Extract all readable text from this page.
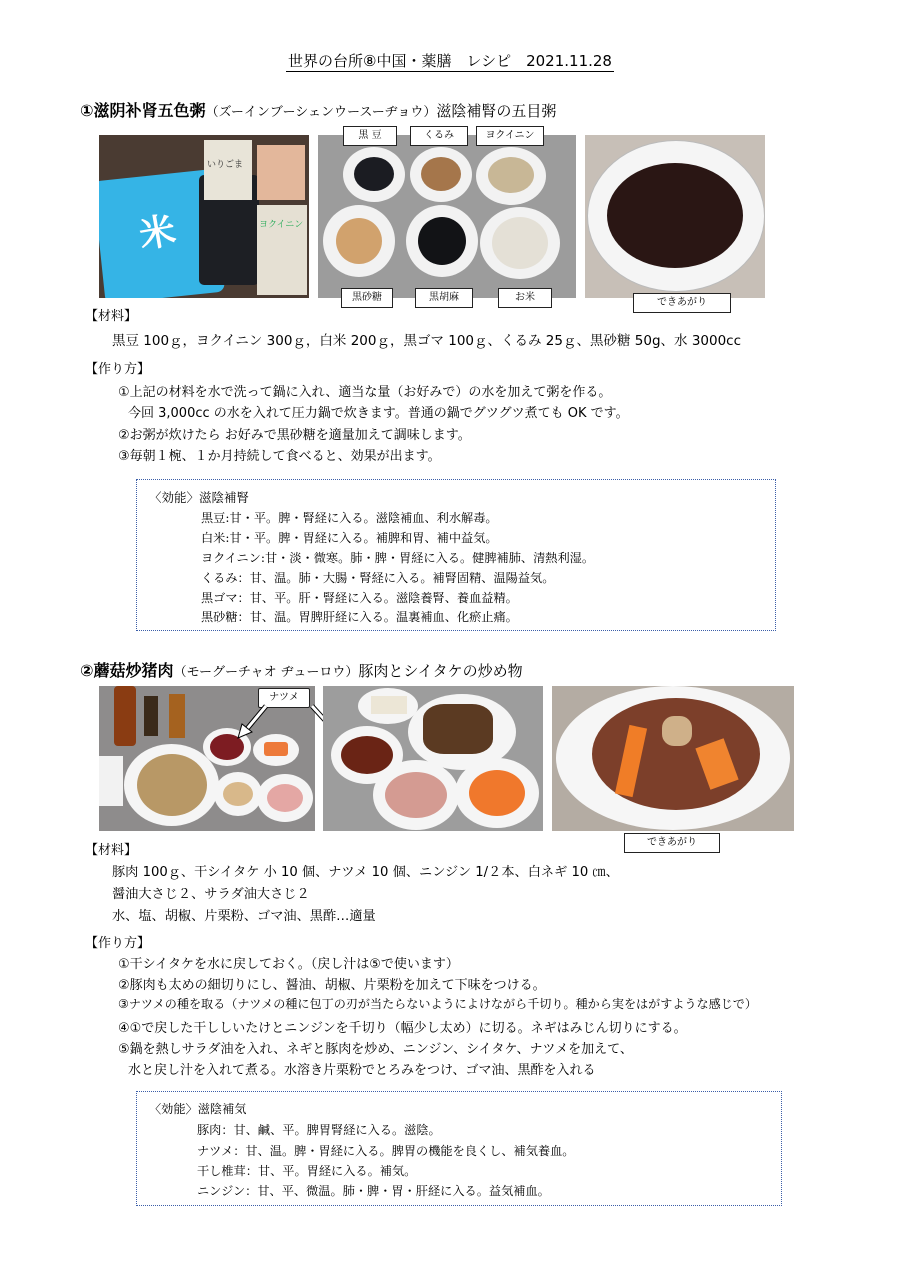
世界の台所⑧中国・薬膳　レシピ　2021.11.28
①滋阴补肾五色粥（ズーインブーシェンウースーヂョウ）滋陰補腎の五目粥
米
いりごま
ヨクイニン
黒 豆	くるみ	ヨクイニン
黒砂糖	黒胡麻	お米	できあがり
【材料】
黒豆 100ｇ，ヨクイニン 300ｇ，白米 200ｇ，黒ゴマ 100ｇ、くるみ 25ｇ、黒砂糖 50g、水 3000cc
【作り方】
①上記の材料を水で洗って鍋に入れ、適当な量（お好みで）の水を加えて粥を作る。
今回 3,000cc の水を入れて圧力鍋で炊きます。普通の鍋でグツグツ煮ても OK です。
②お粥が炊けたら お好みで黒砂糖を適量加えて調味します。
③毎朝１椀、１か月持続して食べると、効果が出ます。
〈効能〉滋陰補腎
黒豆:甘・平。脾・腎経に入る。滋陰補血、利水解毒。
白米:甘・平。脾・胃経に入る。補脾和胃、補中益気。
ヨクイニン:甘・淡・微寒。肺・脾・胃経に入る。健脾補肺、清熱利湿。
くるみ：甘、温。肺・大腸・腎経に入る。補腎固精、温陽益気。
黒ゴマ：甘、平。肝・腎経に入る。滋陰養腎、養血益精。
黒砂糖：甘、温。胃脾肝経に入る。温裏補血、化瘀止痛。
②蘑菇炒猪肉（モーグーチャオ ヂューロウ）豚肉とシイタケの炒め物
ナツメ
できあがり
【材料】
豚肉 100ｇ、干シイタケ 小 10 個、ナツメ 10 個、ニンジン 1/２本、白ネギ 10 ㎝、
醤油大さじ２、サラダ油大さじ２
水、塩、胡椒、片栗粉、ゴマ油、黒酢…適量
【作り方】
①干シイタケを水に戻しておく。（戻し汁は⑤で使います）
②豚肉も太めの細切りにし、醤油、胡椒、片栗粉を加えて下味をつける。
③ナツメの種を取る（ナツメの種に包丁の刃が当たらないようによけながら千切り。種から実をはがすような感じで）
④①で戻した干ししいたけとニンジンを千切り（幅少し太め）に切る。ネギはみじん切りにする。
⑤鍋を熱しサラダ油を入れ、ネギと豚肉を炒め、ニンジン、シイタケ、ナツメを加えて、
水と戻し汁を入れて煮る。水溶き片栗粉でとろみをつけ、ゴマ油、黒酢を入れる
〈効能〉滋陰補気
豚肉：甘、鹹、平。脾胃腎経に入る。滋陰。
ナツメ：甘、温。脾・胃経に入る。脾胃の機能を良くし、補気養血。
干し椎茸：甘、平。胃経に入る。補気。
ニンジン：甘、平、微温。肺・脾・胃・肝経に入る。益気補血。
